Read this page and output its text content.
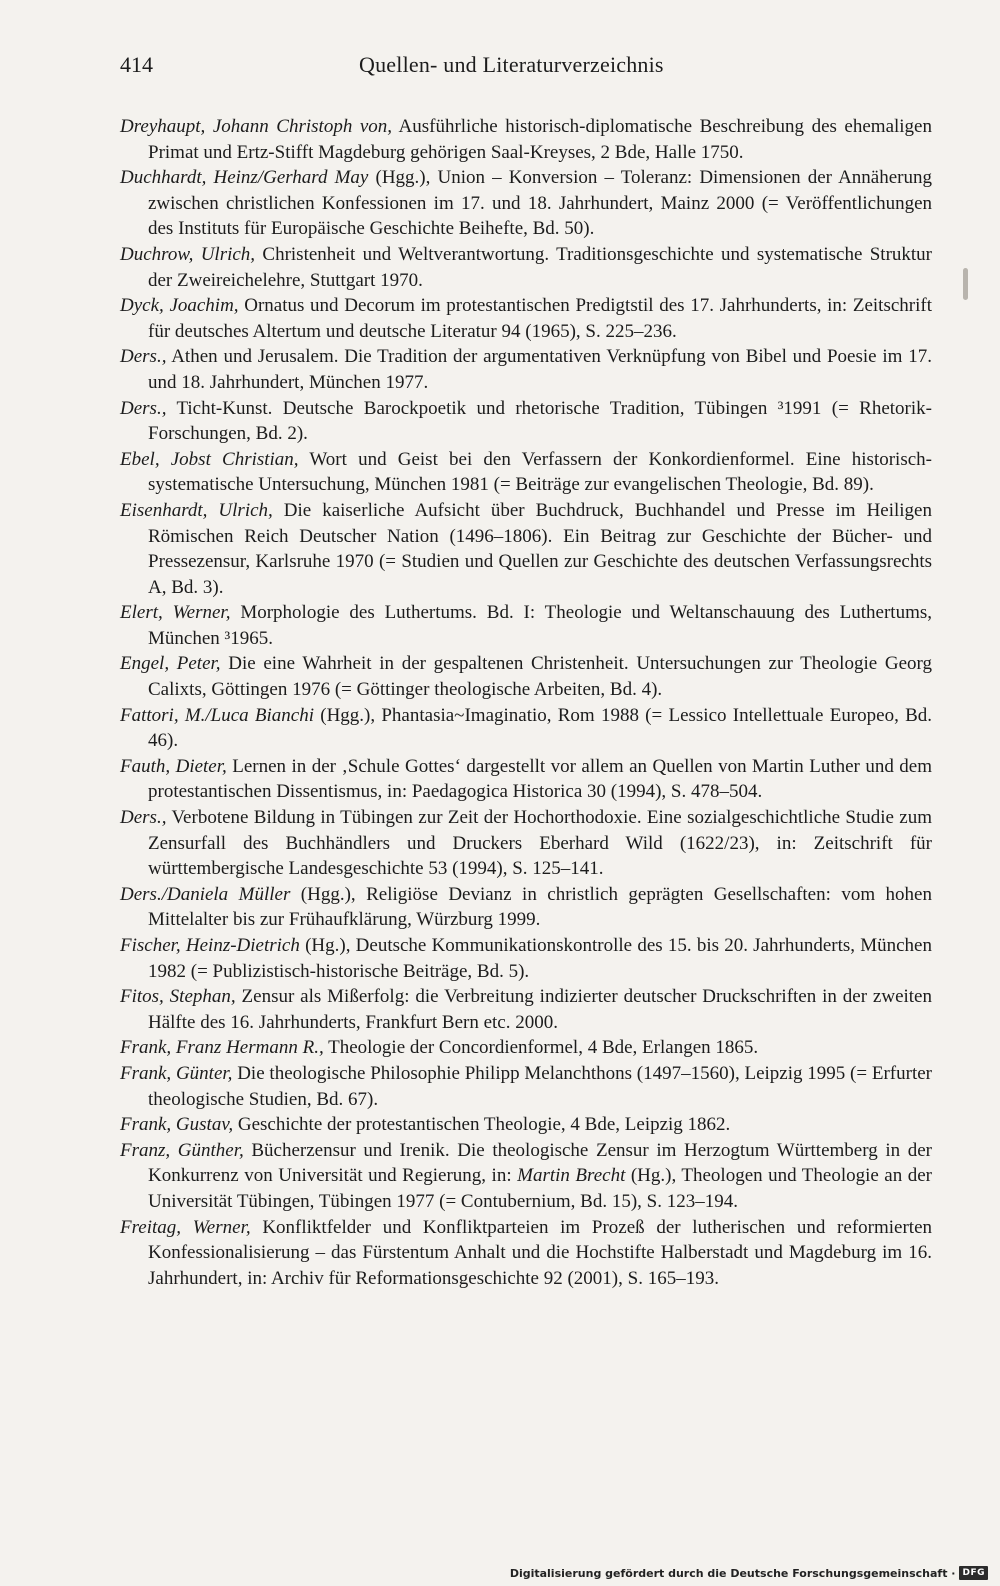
414	Quellen- und Literaturverzeichnis

Dreyhaupt, Johann Christoph von, Ausführliche historisch-diplomatische Beschreibung des ehemaligen Primat und Ertz-Stifft Magdeburg gehörigen Saal-Kreyses, 2 Bde, Halle 1750.

Duchhardt, Heinz/Gerhard May (Hgg.), Union – Konversion – Toleranz: Dimensionen der Annäherung zwischen christlichen Konfessionen im 17. und 18. Jahrhundert, Mainz 2000 (= Veröffentlichungen des Instituts für Europäische Geschichte Beihefte, Bd. 50).

Duchrow, Ulrich, Christenheit und Weltverantwortung. Traditionsgeschichte und systematische Struktur der Zweireichelehre, Stuttgart 1970.

Dyck, Joachim, Ornatus und Decorum im protestantischen Predigtstil des 17. Jahrhunderts, in: Zeitschrift für deutsches Altertum und deutsche Literatur 94 (1965), S. 225–236.

Ders., Athen und Jerusalem. Die Tradition der argumentativen Verknüpfung von Bibel und Poesie im 17. und 18. Jahrhundert, München 1977.

Ders., Ticht-Kunst. Deutsche Barockpoetik und rhetorische Tradition, Tübingen ³1991 (= Rhetorik-Forschungen, Bd. 2).

Ebel, Jobst Christian, Wort und Geist bei den Verfassern der Konkordienformel. Eine historisch-systematische Untersuchung, München 1981 (= Beiträge zur evangelischen Theologie, Bd. 89).

Eisenhardt, Ulrich, Die kaiserliche Aufsicht über Buchdruck, Buchhandel und Presse im Heiligen Römischen Reich Deutscher Nation (1496–1806). Ein Beitrag zur Geschichte der Bücher- und Pressezensur, Karlsruhe 1970 (= Studien und Quellen zur Geschichte des deutschen Verfassungsrechts A, Bd. 3).

Elert, Werner, Morphologie des Luthertums. Bd. I: Theologie und Weltanschauung des Luthertums, München ³1965.

Engel, Peter, Die eine Wahrheit in der gespaltenen Christenheit. Untersuchungen zur Theologie Georg Calixts, Göttingen 1976 (= Göttinger theologische Arbeiten, Bd. 4).

Fattori, M./Luca Bianchi (Hgg.), Phantasia~Imaginatio, Rom 1988 (= Lessico Intellettuale Europeo, Bd. 46).

Fauth, Dieter, Lernen in der ‚Schule Gottes‘ dargestellt vor allem an Quellen von Martin Luther und dem protestantischen Dissentismus, in: Paedagogica Historica 30 (1994), S. 478–504.

Ders., Verbotene Bildung in Tübingen zur Zeit der Hochorthodoxie. Eine sozialgeschichtliche Studie zum Zensurfall des Buchhändlers und Druckers Eberhard Wild (1622/23), in: Zeitschrift für württembergische Landesgeschichte 53 (1994), S. 125–141.

Ders./Daniela Müller (Hgg.), Religiöse Devianz in christlich geprägten Gesellschaften: vom hohen Mittelalter bis zur Frühaufklärung, Würzburg 1999.

Fischer, Heinz-Dietrich (Hg.), Deutsche Kommunikationskontrolle des 15. bis 20. Jahrhunderts, München 1982 (= Publizistisch-historische Beiträge, Bd. 5).

Fitos, Stephan, Zensur als Mißerfolg: die Verbreitung indizierter deutscher Druckschriften in der zweiten Hälfte des 16. Jahrhunderts, Frankfurt Bern etc. 2000.

Frank, Franz Hermann R., Theologie der Concordienformel, 4 Bde, Erlangen 1865.

Frank, Günter, Die theologische Philosophie Philipp Melanchthons (1497–1560), Leipzig 1995 (= Erfurter theologische Studien, Bd. 67).

Frank, Gustav, Geschichte der protestantischen Theologie, 4 Bde, Leipzig 1862.

Franz, Günther, Bücherzensur und Irenik. Die theologische Zensur im Herzogtum Württemberg in der Konkurrenz von Universität und Regierung, in: Martin Brecht (Hg.), Theologen und Theologie an der Universität Tübingen, Tübingen 1977 (= Contubernium, Bd. 15), S. 123–194.

Freitag, Werner, Konfliktfelder und Konfliktparteien im Prozeß der lutherischen und reformierten Konfessionalisierung – das Fürstentum Anhalt und die Hochstifte Halberstadt und Magdeburg im 16. Jahrhundert, in: Archiv für Reformationsgeschichte 92 (2001), S. 165–193.

Digitalisierung gefördert durch die Deutsche Forschungsgemeinschaft · DFG
